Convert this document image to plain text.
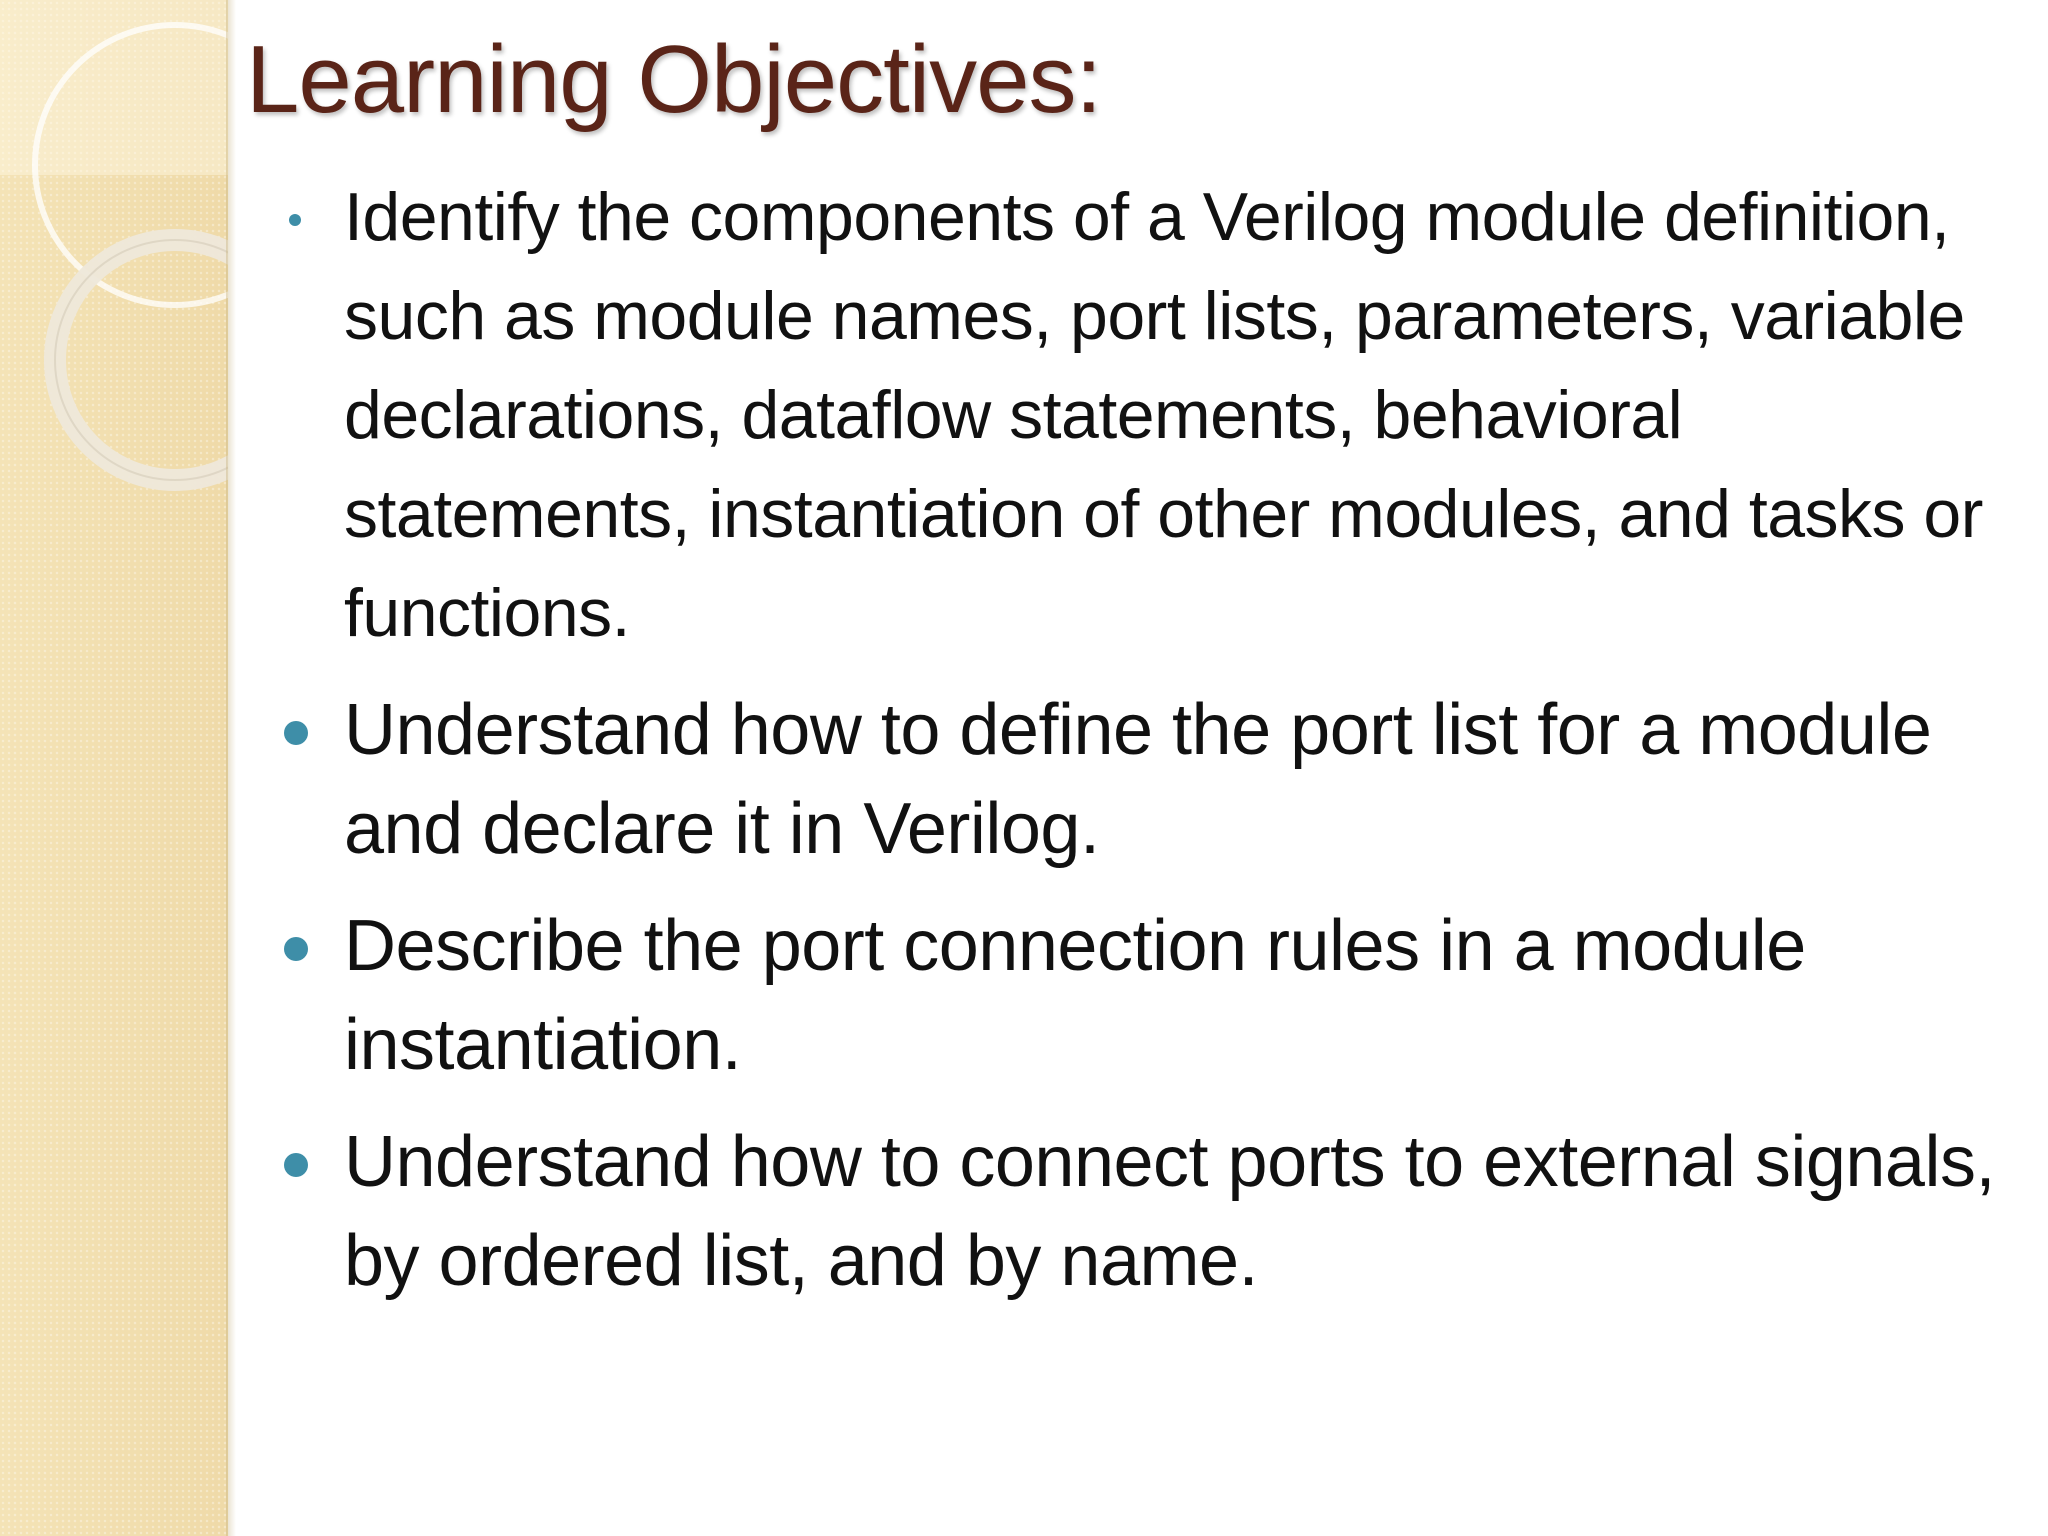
Learning Objectives:
Identify the components of a Verilog module definition, such as module names, port lists, parameters, variable declarations, dataflow statements, behavioral statements, instantiation of other modules, and tasks or functions.
Understand how to define the port list for a module and declare it in Verilog.
Describe the port connection rules in a module instantiation.
Understand how to connect ports to external signals, by ordered list, and by name.
